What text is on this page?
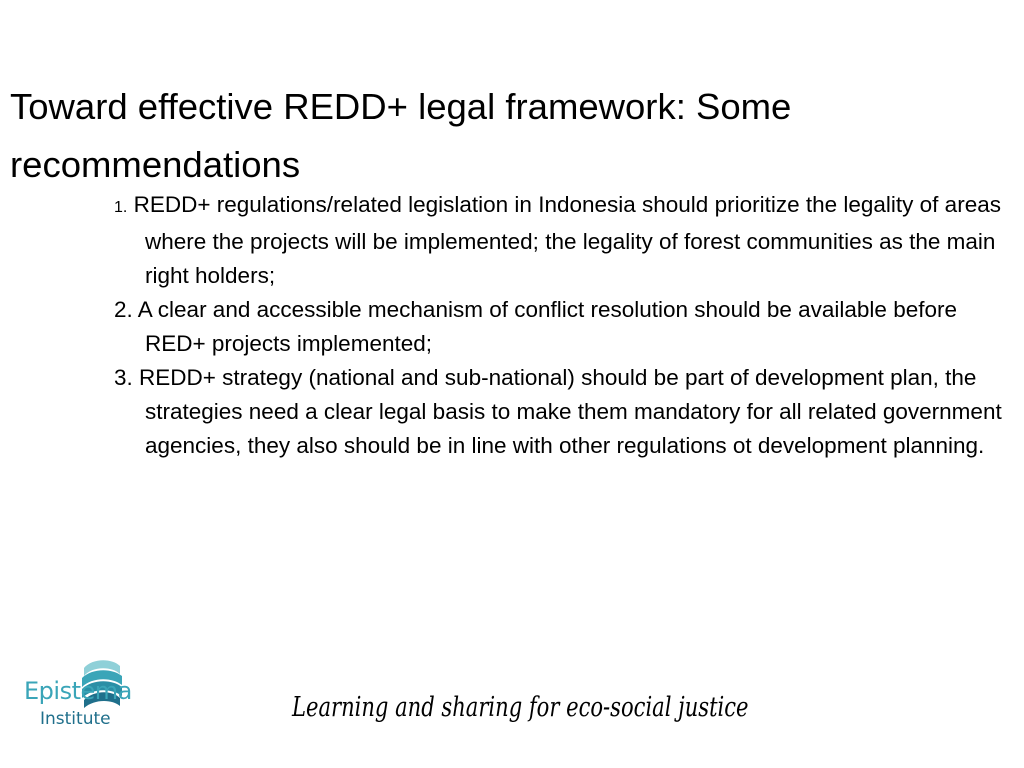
Toward effective REDD+ legal framework: Some recommendations
1. REDD+ regulations/related legislation in Indonesia should prioritize the legality of areas where the projects will be implemented; the legality of forest communities as the main right holders;
2. A clear and accessible mechanism of conflict resolution should be available before RED+ projects implemented;
3. REDD+ strategy (national and sub-national) should be part of development plan, the strategies need a clear legal basis to make them mandatory for all related government agencies, they also should be in line with other regulations ot development planning.
Epistema
Institute	Learning and sharing for eco-social justice
